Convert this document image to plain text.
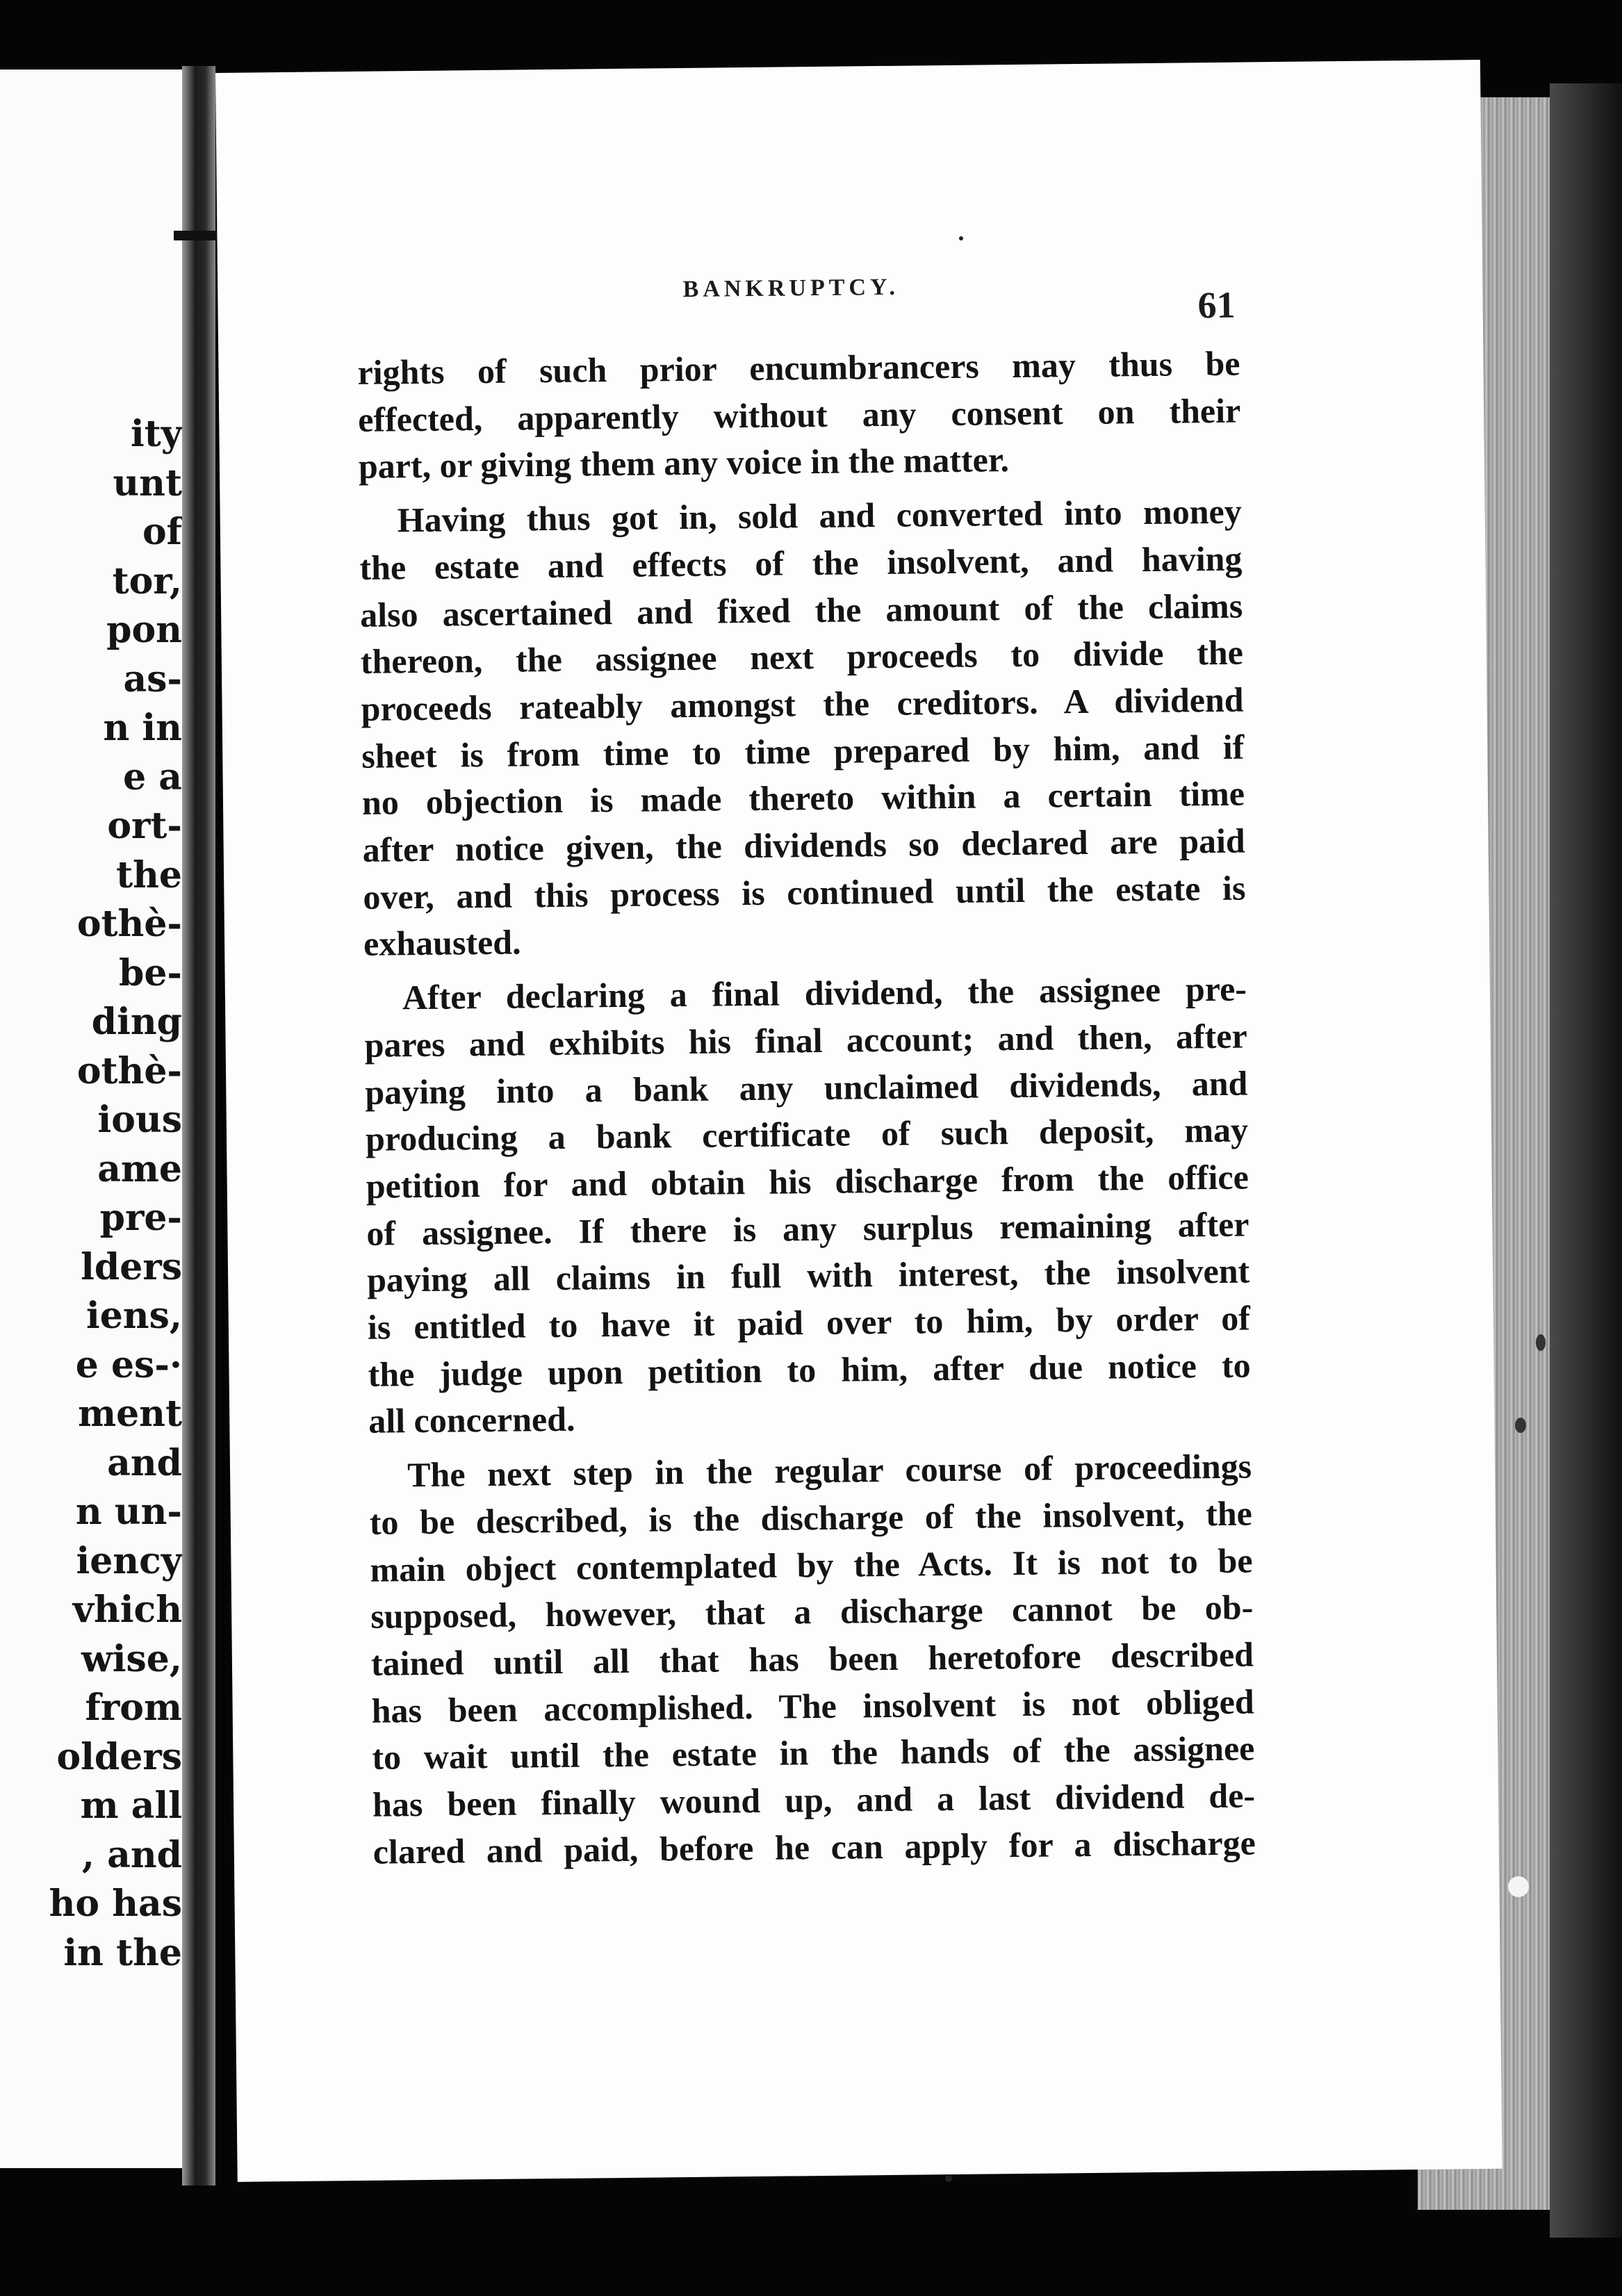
ity
unt
of
tor,
pon
as-
n in
e a
ort-
the
othè-
be-
ding
othè-
ious
ame
pre-
lders
iens,
e es-·
ment
and
n un-
iency
vhich
wise,
from
olders
m all
, and
ho has
in the
BANKRUPTCY.	61
rights of such prior encumbrancers may thus be
effected, apparently without any consent on their
part, or giving them any voice in the matter.
Having thus got in, sold and converted into money
the estate and effects of the insolvent, and having
also ascertained and fixed the amount of the claims
thereon, the assignee next proceeds to divide the
proceeds rateably amongst the creditors. A dividend
sheet is from time to time prepared by him, and if
no objection is made thereto within a certain time
after notice given, the dividends so declared are paid
over, and this process is continued until the estate is
exhausted.
After declaring a final dividend, the assignee pre-
pares and exhibits his final account; and then, after
paying into a bank any unclaimed dividends, and
producing a bank certificate of such deposit, may
petition for and obtain his discharge from the office
of assignee. If there is any surplus remaining after
paying all claims in full with interest, the insolvent
is entitled to have it paid over to him, by order of
the judge upon petition to him, after due notice to
all concerned.
The next step in the regular course of proceedings
to be described, is the discharge of the insolvent, the
main object contemplated by the Acts. It is not to be
supposed, however, that a discharge cannot be ob-
tained until all that has been heretofore described
has been accomplished. The insolvent is not obliged
to wait until the estate in the hands of the assignee
has been finally wound up, and a last dividend de-
clared and paid, before he can apply for a discharge
